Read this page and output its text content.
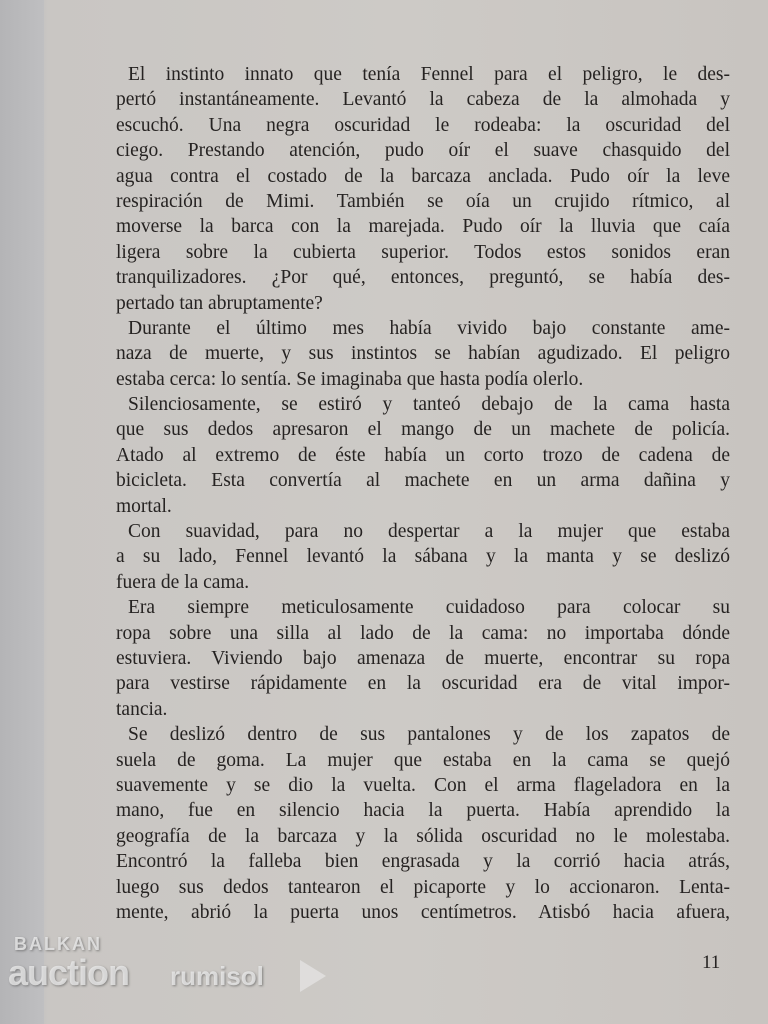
El instinto innato que tenía Fennel para el peligro, le des-
pertó instantáneamente. Levantó la cabeza de la almohada y
escuchó. Una negra oscuridad le rodeaba: la oscuridad del
ciego. Prestando atención, pudo oír el suave chasquido del
agua contra el costado de la barcaza anclada. Pudo oír la leve
respiración de Mimi. También se oía un crujido rítmico, al
moverse la barca con la marejada. Pudo oír la lluvia que caía
ligera sobre la cubierta superior. Todos estos sonidos eran
tranquilizadores. ¿Por qué, entonces, preguntó, se había des-
pertado tan abruptamente?
Durante el último mes había vivido bajo constante ame-
naza de muerte, y sus instintos se habían agudizado. El peligro
estaba cerca: lo sentía. Se imaginaba que hasta podía olerlo.
Silenciosamente, se estiró y tanteó debajo de la cama hasta
que sus dedos apresaron el mango de un machete de policía.
Atado al extremo de éste había un corto trozo de cadena de
bicicleta. Esta convertía al machete en un arma dañina y
mortal.
Con suavidad, para no despertar a la mujer que estaba
a su lado, Fennel levantó la sábana y la manta y se deslizó
fuera de la cama.
Era siempre meticulosamente cuidadoso para colocar su
ropa sobre una silla al lado de la cama: no importaba dónde
estuviera. Viviendo bajo amenaza de muerte, encontrar su ropa
para vestirse rápidamente en la oscuridad era de vital impor-
tancia.
Se deslizó dentro de sus pantalones y de los zapatos de
suela de goma. La mujer que estaba en la cama se quejó
suavemente y se dio la vuelta. Con el arma flageladora en la
mano, fue en silencio hacia la puerta. Había aprendido la
geografía de la barcaza y la sólida oscuridad no le molestaba.
Encontró la falleba bien engrasada y la corrió hacia atrás,
luego sus dedos tantearon el picaporte y lo accionaron. Lenta-
mente, abrió la puerta unos centímetros. Atisbó hacia afuera,
11
BALKAN
auction rumisol
